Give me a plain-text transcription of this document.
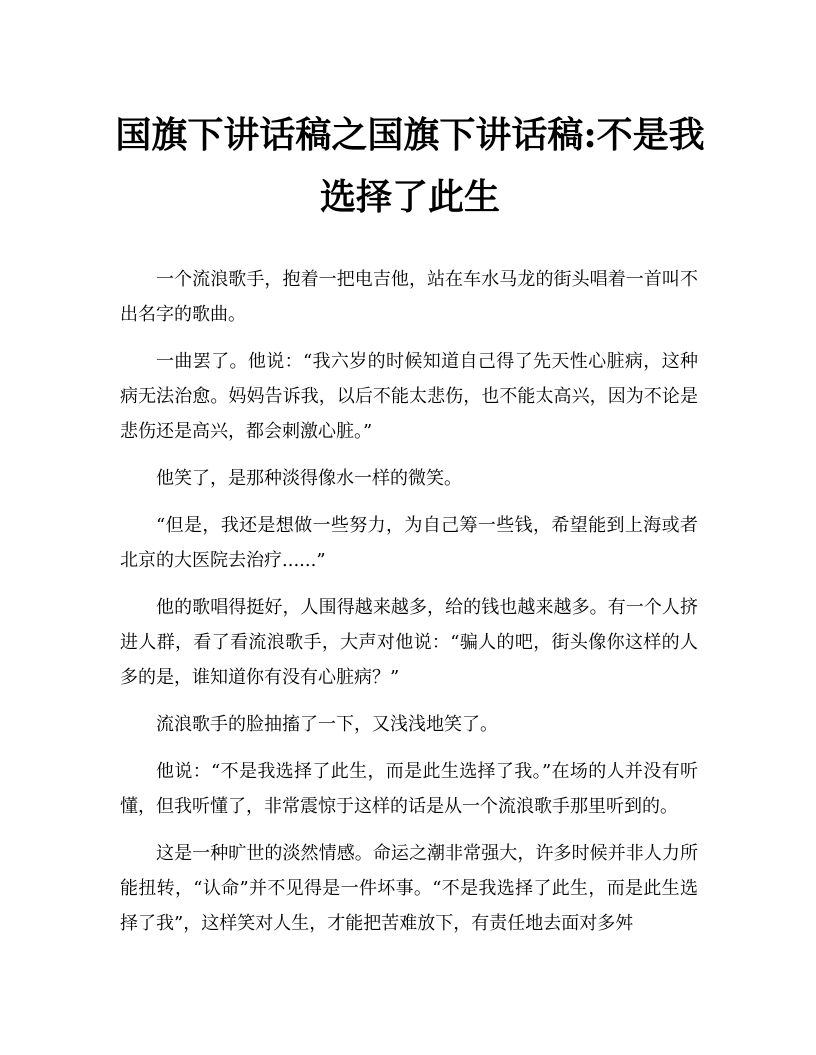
国旗下讲话稿之国旗下讲话稿:不是我选择了此生

一个流浪歌手，抱着一把电吉他，站在车水马龙的街头唱着一首叫不出名字的歌曲。

一曲罢了。他说：“我六岁的时候知道自己得了先天性心脏病，这种病无法治愈。妈妈告诉我，以后不能太悲伤，也不能太高兴，因为不论是悲伤还是高兴，都会刺激心脏。”

他笑了，是那种淡得像水一样的微笑。

“但是，我还是想做一些努力，为自己筹一些钱，希望能到上海或者北京的大医院去治疗......”

他的歌唱得挺好，人围得越来越多，给的钱也越来越多。有一个人挤进人群，看了看流浪歌手，大声对他说：“骗人的吧，街头像你这样的人多的是，谁知道你有没有心脏病？”

流浪歌手的脸抽搐了一下，又浅浅地笑了。

他说：“不是我选择了此生，而是此生选择了我。”在场的人并没有听懂，但我听懂了，非常震惊于这样的话是从一个流浪歌手那里听到的。

这是一种旷世的淡然情感。命运之潮非常强大，许多时候并非人力所能扭转，“认命”并不见得是一件坏事。“不是我选择了此生，而是此生选择了我”，这样笑对人生，才能把苦难放下，有责任地去面对多舛
